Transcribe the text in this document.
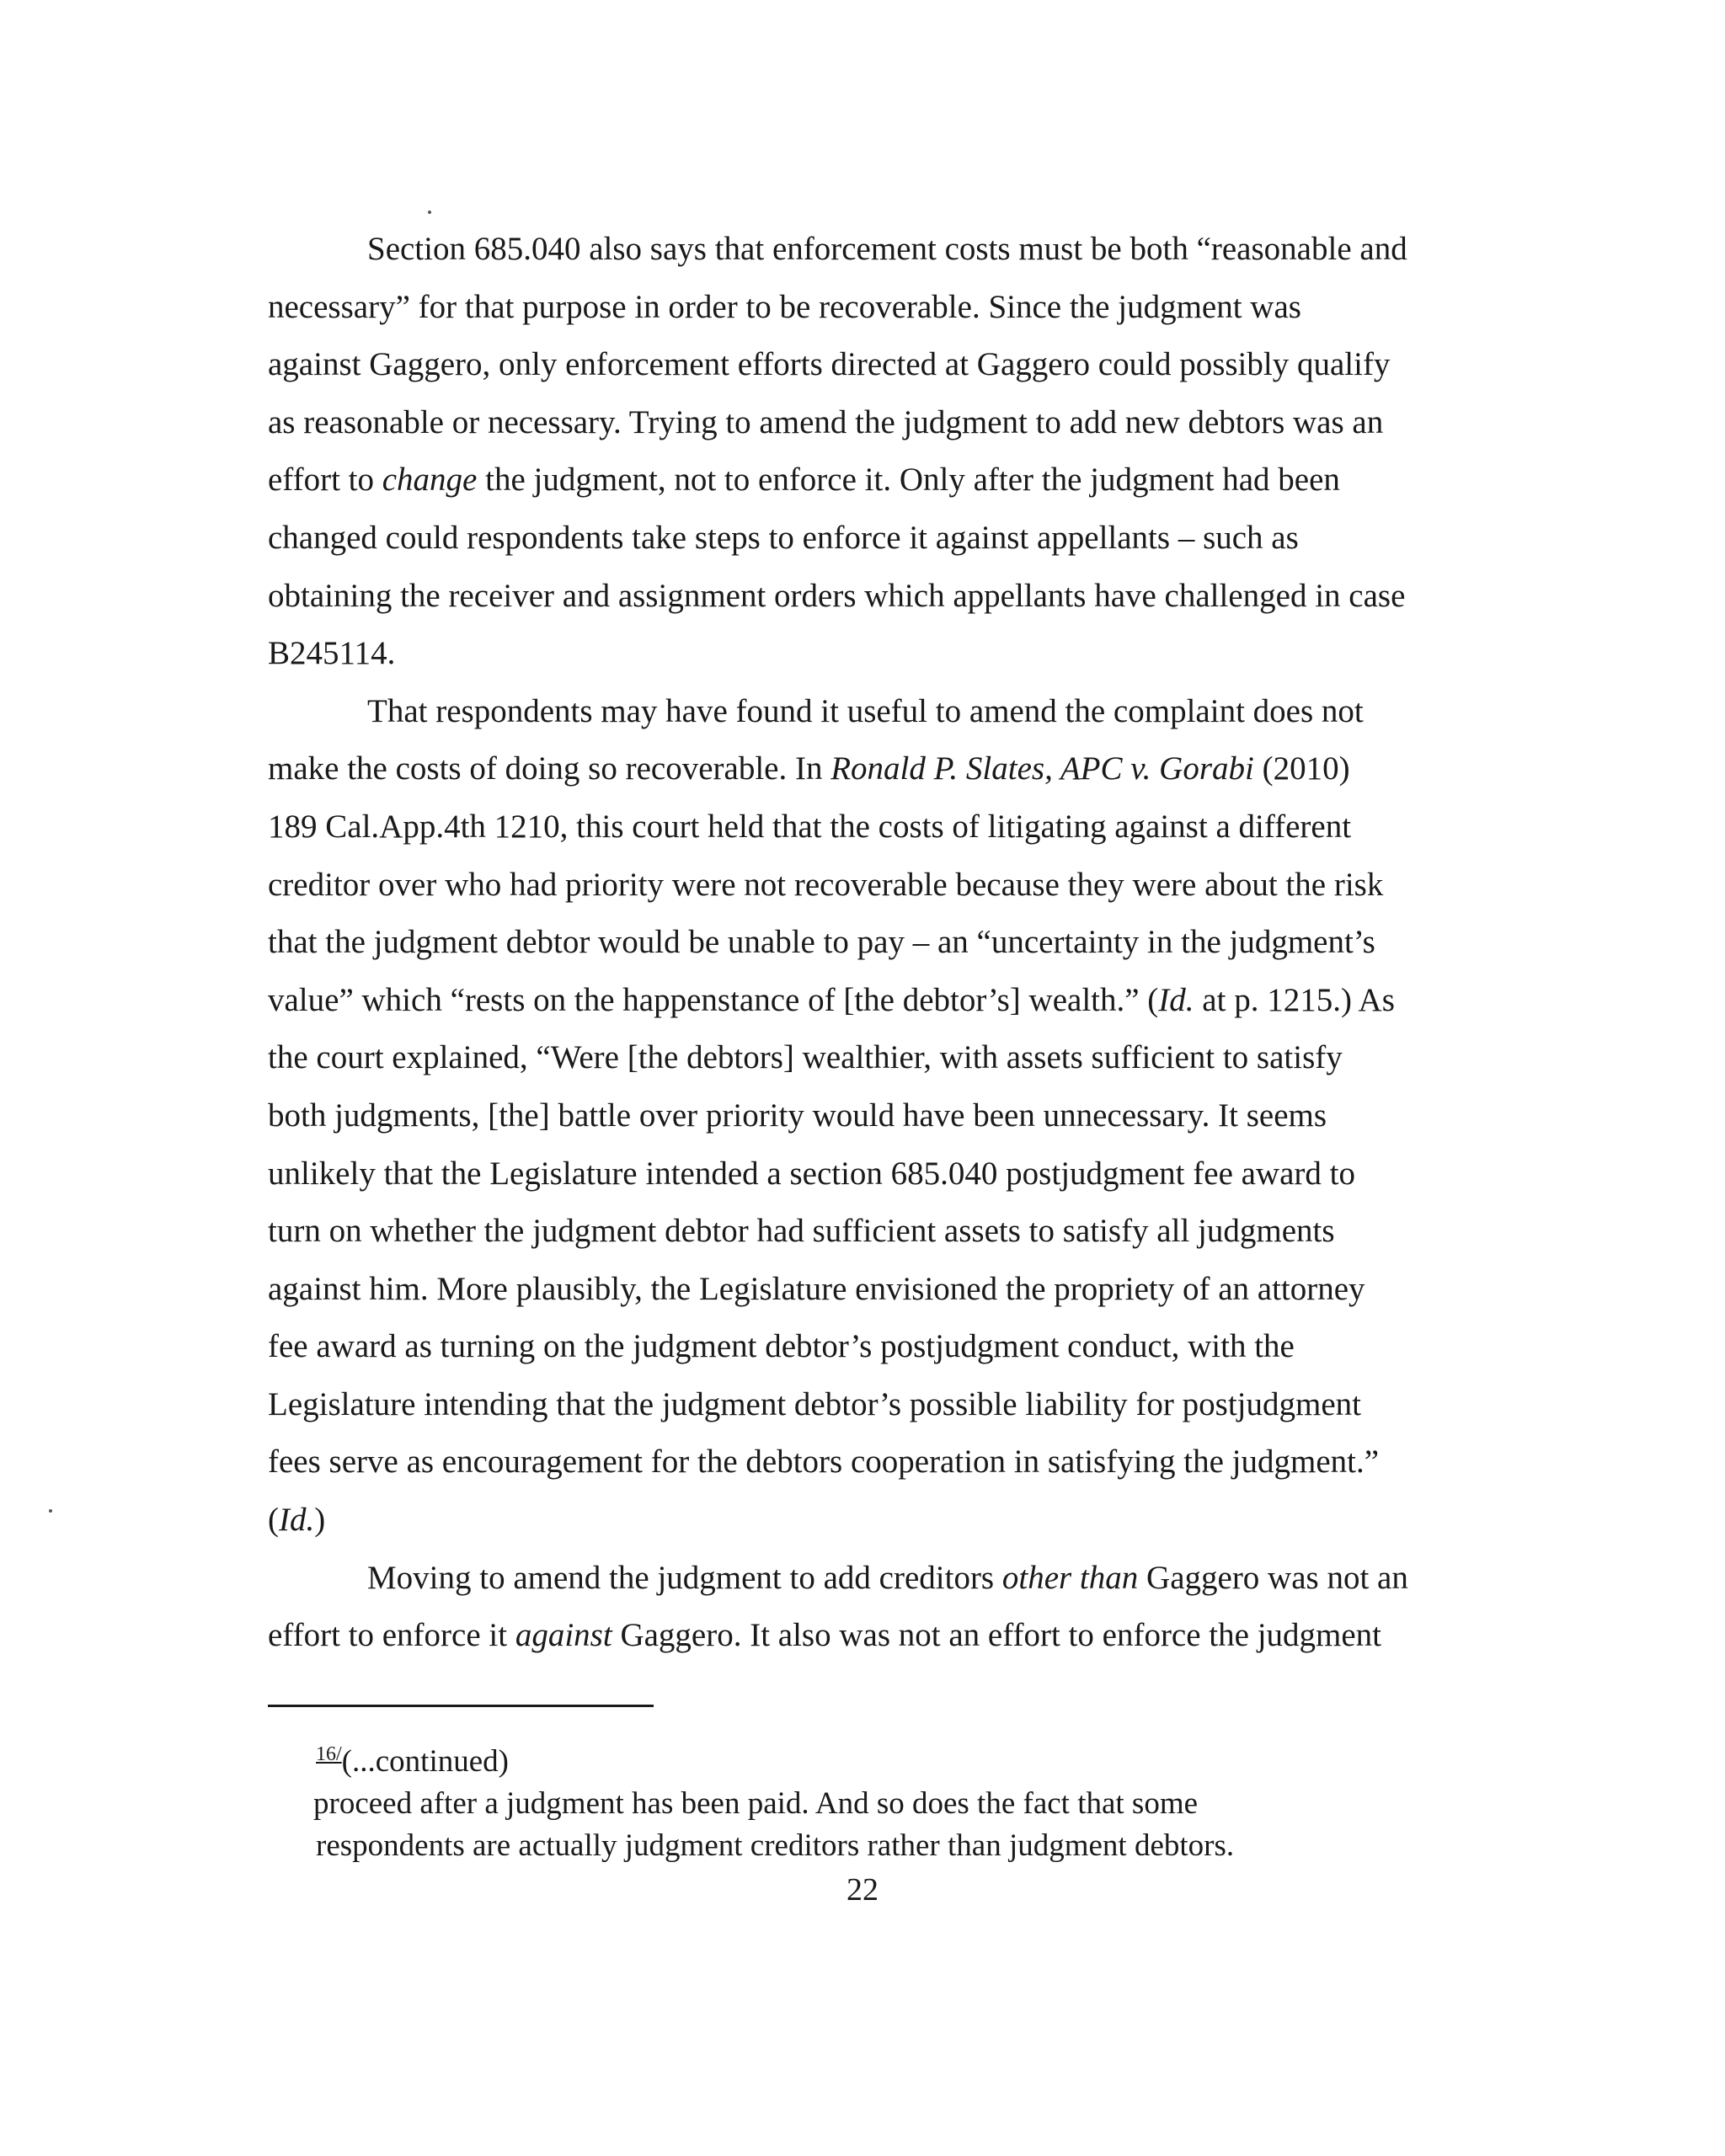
Section 685.040 also says that enforcement costs must be both “reasonable and
necessary” for that purpose in order to be recoverable. Since the judgment was
against Gaggero, only enforcement efforts directed at Gaggero could possibly qualify
as reasonable or necessary. Trying to amend the judgment to add new debtors was an
effort to change the judgment, not to enforce it. Only after the judgment had been
changed could respondents take steps to enforce it against appellants – such as
obtaining the receiver and assignment orders which appellants have challenged in case
B245114.

That respondents may have found it useful to amend the complaint does not
make the costs of doing so recoverable. In Ronald P. Slates, APC v. Gorabi (2010)
189 Cal.App.4th 1210, this court held that the costs of litigating against a different
creditor over who had priority were not recoverable because they were about the risk
that the judgment debtor would be unable to pay – an “uncertainty in the judgment’s
value” which “rests on the happenstance of [the debtor’s] wealth.” (Id. at p. 1215.) As
the court explained, “Were [the debtors] wealthier, with assets sufficient to satisfy
both judgments, [the] battle over priority would have been unnecessary. It seems
unlikely that the Legislature intended a section 685.040 postjudgment fee award to
turn on whether the judgment debtor had sufficient assets to satisfy all judgments
against him. More plausibly, the Legislature envisioned the propriety of an attorney
fee award as turning on the judgment debtor’s postjudgment conduct, with the
Legislature intending that the judgment debtor’s possible liability for postjudgment
fees serve as encouragement for the debtors cooperation in satisfying the judgment.”
(Id.)

Moving to amend the judgment to add creditors other than Gaggero was not an
effort to enforce it against Gaggero. It also was not an effort to enforce the judgment

$^{16/}$(...continued)
proceed after a judgment has been paid. And so does the fact that some
respondents are actually judgment creditors rather than judgment debtors.
22
